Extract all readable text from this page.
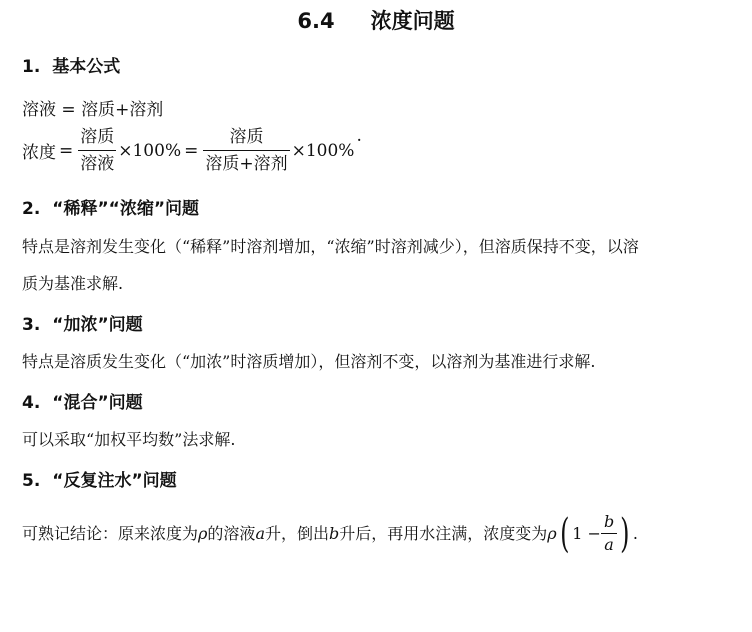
6.4 浓度问题
1. 基本公式
溶液 = 溶质+溶剂
浓度 = $\frac{\text{溶质}}{\text{溶液}} \times 100\% = \frac{\text{溶质}}{\text{溶质+溶剂}} \times 100\%$
.
2. “稀释”“浓缩”问题
特点是溶剂发生变化（“稀释”时溶剂增加，“浓缩”时溶剂减少），但溶质保持不变，以溶
质为基准求解.
3. “加浓”问题
特点是溶质发生变化（“加浓”时溶质增加），但溶剂不变，以溶剂为基准进行求解.
4. “混合”问题
可以采取“加权平均数”法求解.
5. “反复注水”问题
可熟记结论：原来浓度为 ρ 的溶液 a 升，倒出 b 升后，再用水注满，浓度变为 ρ ( $1 - \frac{b}{a}$ ) .
